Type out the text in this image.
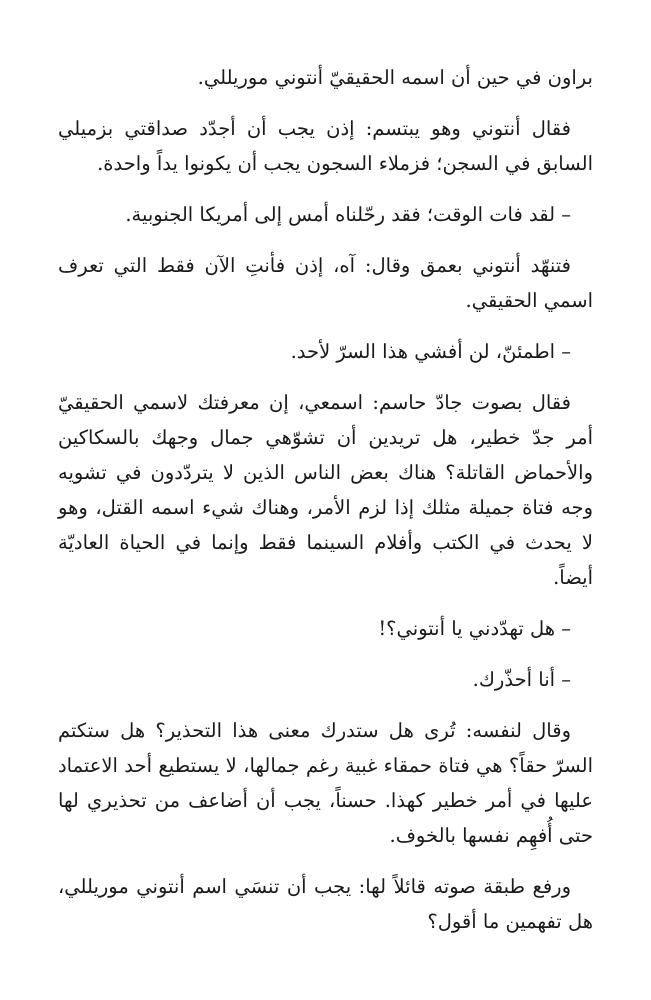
براون في حين أن اسمه الحقيقيّ أنتوني موريللي.

فقال أنتوني وهو يبتسم: إذن يجب أن أجدّد صداقتي بزميلي السابق في السجن؛ فزملاء السجون يجب أن يكونوا يداً واحدة.

– لقد فات الوقت؛ فقد رحّلناه أمس إلى أمريكا الجنوبية.

فتنهّد أنتوني بعمق وقال: آه، إذن فأنتِ الآن فقط التي تعرف اسمي الحقيقي.

– اطمئنّ، لن أفشي هذا السرّ لأحد.

فقال بصوت جادّ حاسم: اسمعي، إن معرفتك لاسمي الحقيقيّ أمر جدّ خطير، هل تريدين أن تشوّهي جمال وجهك بالسكاكين والأحماض القاتلة؟ هناك بعض الناس الذين لا يتردّدون في تشويه وجه فتاة جميلة مثلك إذا لزم الأمر، وهناك شيء اسمه القتل، وهو لا يحدث في الكتب وأفلام السينما فقط وإنما في الحياة العاديّة أيضاً.

– هل تهدّدني يا أنتوني؟!

– أنا أحذّرك.

وقال لنفسه: تُرى هل ستدرك معنى هذا التحذير؟ هل ستكتم السرّ حقاً؟ هي فتاة حمقاء غبية رغم جمالها، لا يستطيع أحد الاعتماد عليها في أمر خطير كهذا. حسناً، يجب أن أضاعف من تحذيري لها حتى أُفهِم نفسها بالخوف.

ورفع طبقة صوته قائلاً لها: يجب أن تنسَي اسم أنتوني موريللي، هل تفهمين ما أقول؟
